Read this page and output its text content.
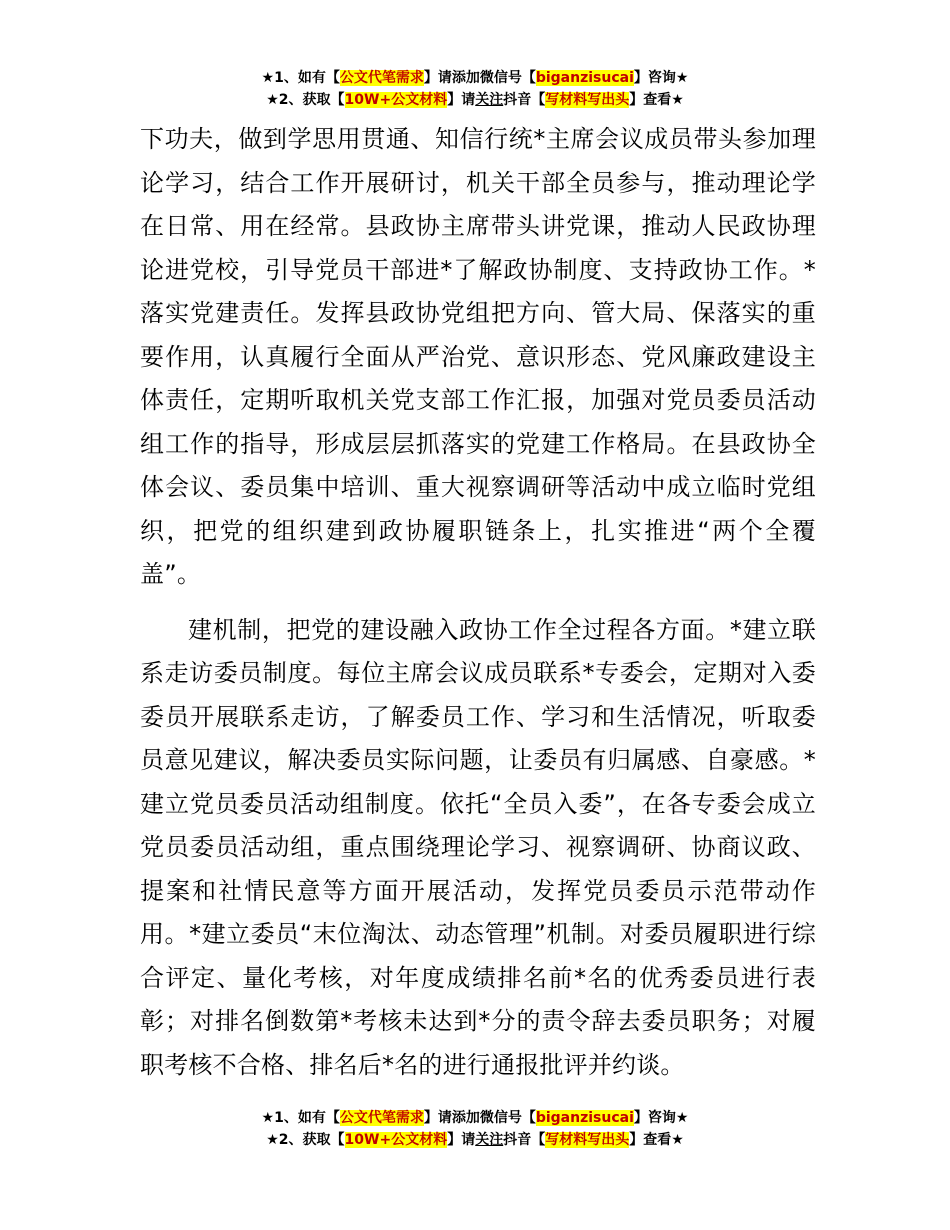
★1、如有【公文代笔需求】请添加微信号【biganzisucai】咨询★
★2、获取【10W+公文材料】请关注抖音【写材料写出头】查看★

下功夫，做到学思用贯通、知信行统*主席会议成员带头参加理论学习，结合工作开展研讨，机关干部全员参与，推动理论学在日常、用在经常。县政协主席带头讲党课，推动人民政协理论进党校，引导党员干部进*了解政协制度、支持政协工作。*落实党建责任。发挥县政协党组把方向、管大局、保落实的重要作用，认真履行全面从严治党、意识形态、党风廉政建设主体责任，定期听取机关党支部工作汇报，加强对党员委员活动组工作的指导，形成层层抓落实的党建工作格局。在县政协全体会议、委员集中培训、重大视察调研等活动中成立临时党组织，把党的组织建到政协履职链条上，扎实推进“两个全覆盖”。

建机制，把党的建设融入政协工作全过程各方面。*建立联系走访委员制度。每位主席会议成员联系*专委会，定期对入委委员开展联系走访，了解委员工作、学习和生活情况，听取委员意见建议，解决委员实际问题，让委员有归属感、自豪感。*建立党员委员活动组制度。依托“全员入委”，在各专委会成立党员委员活动组，重点围绕理论学习、视察调研、协商议政、提案和社情民意等方面开展活动，发挥党员委员示范带动作用。*建立委员“末位淘汰、动态管理”机制。对委员履职进行综合评定、量化考核，对年度成绩排名前*名的优秀委员进行表彰；对排名倒数第*考核未达到*分的责令辞去委员职务；对履职考核不合格、排名后*名的进行通报批评并约谈。

★1、如有【公文代笔需求】请添加微信号【biganzisucai】咨询★
★2、获取【10W+公文材料】请关注抖音【写材料写出头】查看★
